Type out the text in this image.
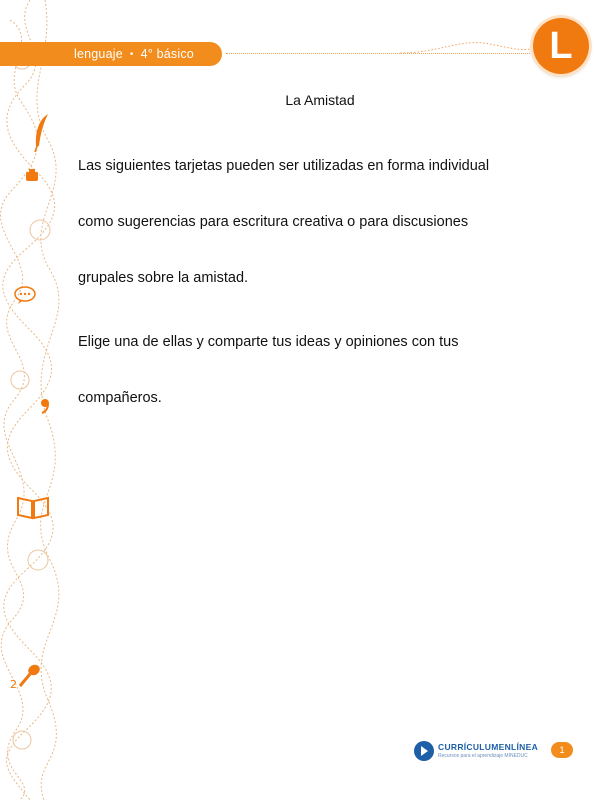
2
lenguaje • 4° básico	L
La Amistad

Las siguientes tarjetas pueden ser utilizadas en forma individual
como sugerencias para escritura creativa o para discusiones
grupales sobre la amistad.

Elige una de ellas y comparte tus ideas y opiniones con tus
compañeros.

CURRÍCULUMENLÍNEA
Recursos para el aprendizaje MINEDUC
1
